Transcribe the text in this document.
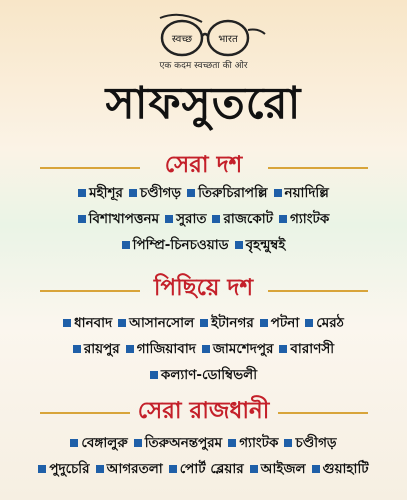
स्वच्छ	भारत
एक कदम स्वच्छता की ओर
সাফসুতরো
সেরা দশ
মহীশূর চণ্ডীগড় তিরুচিরাপল্লি নয়াদিল্লি
বিশাখাপত্তনম সুরাত রাজকোট গ্যাংটক
পিম্প্রি-চিনচওয়াড বৃহন্মুম্বই
পিছিয়ে দশ
ধানবাদ আসানসোল ইটানগর পটনা মেরঠ
রায়পুর গাজিয়াবাদ জামশেদপুর বারাণসী
কল্যাণ-ডোম্বিভলী
সেরা রাজধানী
বেঙ্গালুরু তিরুঅনন্তপুরম গ্যাংটক চণ্ডীগড়
পুদুচেরি আগরতলা পোর্ট ব্লেয়ার আইজল গুয়াহাটি
